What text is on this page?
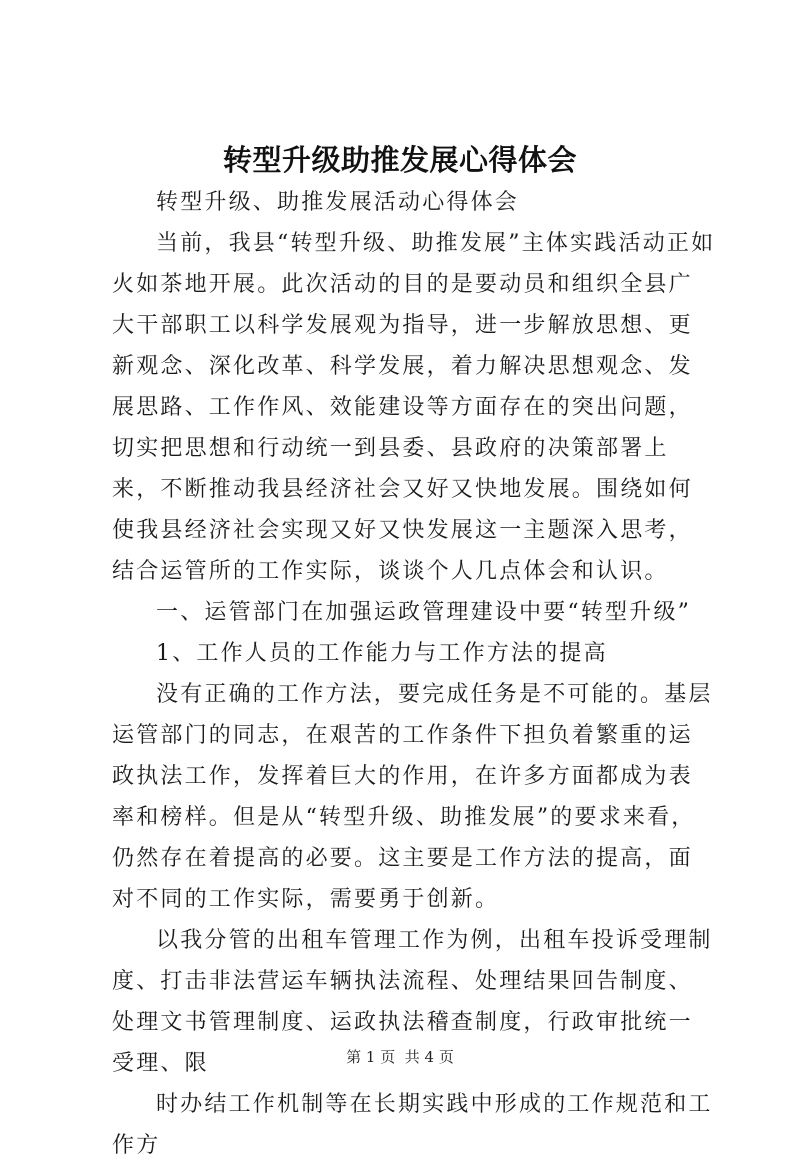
转型升级助推发展心得体会

转型升级、助推发展活动心得体会

当前，我县“转型升级、助推发展”主体实践活动正如火如茶地开展。此次活动的目的是要动员和组织全县广大干部职工以科学发展观为指导，进一步解放思想、更新观念、深化改革、科学发展，着力解决思想观念、发展思路、工作作风、效能建设等方面存在的突出问题，切实把思想和行动统一到县委、县政府的决策部署上来，不断推动我县经济社会又好又快地发展。围绕如何使我县经济社会实现又好又快发展这一主题深入思考，结合运管所的工作实际，谈谈个人几点体会和认识。

一、运管部门在加强运政管理建设中要“转型升级”

1、工作人员的工作能力与工作方法的提高

没有正确的工作方法，要完成任务是不可能的。基层运管部门的同志，在艰苦的工作条件下担负着繁重的运政执法工作，发挥着巨大的作用，在许多方面都成为表率和榜样。但是从“转型升级、助推发展”的要求来看，仍然存在着提高的必要。这主要是工作方法的提高，面对不同的工作实际，需要勇于创新。

以我分管的出租车管理工作为例，出租车投诉受理制度、打击非法营运车辆执法流程、处理结果回告制度、处理文书管理制度、运政执法稽查制度，行政审批统一受理、限

时办结工作机制等在长期实践中形成的工作规范和工作方

第 1 页  共 4 页
